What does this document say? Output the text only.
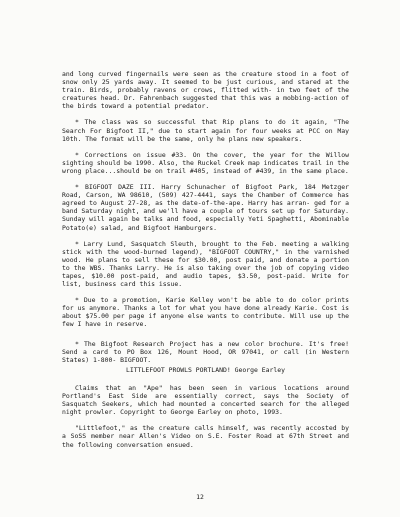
and long curved fingernails were seen as the creature stood in a foot of snow only 25 yards away. It seemed to be just curious, and stared at the train. Birds, probably ravens or crows, flitted with- in two feet of the creatures head. Dr. Fahrenbach suggested that this was a mobbing-action of the birds toward a potential predator.

* The class was so successful that Rip plans to do it again, "The Search For Bigfoot II," due to start again for four weeks at PCC on May 10th. The format will be the same, only he plans new speakers.

* Corrections on issue #33. On the cover, the year for the Willow sighting should be 1990. Also, the Ruckel Creek map indicates trail in the wrong place...should be on trail #405, instead of #439, in the same place.

* BIGFOOT DAZE III. Harry Schunacher of Bigfoot Park, 184 Metzger Road, Carson, WA 98610, (509) 427-4441, says the Chamber of Commerce has agreed to August 27-28, as the date-of-the-ape. Harry has arran- ged for a band Saturday night, and we'll have a couple of tours set up for Saturday. Sunday will again be talks and food, especially Yeti Spaghetti, Abominable Potato(e) salad, and Bigfoot Hamburgers.

* Larry Lund, Sasquatch Sleuth, brought to the Feb. meeting a walking stick with the wood-burned legend), "BIGFOOT COUNTRY," in the varnished wood. He plans to sell these for $30.00, post paid, and donate a portion to the WBS. Thanks Larry. He is also taking over the job of copying video tapes, $10.00 post-paid, and audio tapes, $3.50, post-paid. Write for list, business card this issue.

* Due to a promotion, Karie Kelley won't be able to do color prints for us anymore. Thanks a lot for what you have done already Karie. Cost is about $75.00 per page if anyone else wants to contribute. Will use up the few I have in reserve.

* The Bigfoot Research Project has a new color brochure. It's free! Send a card to PO Box 126, Mount Hood, OR 97041, or call (in Western States) 1-800- BIGFOOT.

LITTLEFOOT PROWLS PORTLAND! George Earley

Claims that an "Ape" has been seen in various locations around Portland's East Side are essentially correct, says the Society of Sasquatch Seekers, which had mounted a concerted search for the alleged night prowler. Copyright to George Earley on photo, 1993.

"Littlefoot," as the creature calls himself, was recently accosted by a SoSS member near Allen's Video on S.E. Foster Road at 67th Street and the following conversation ensued.

12
